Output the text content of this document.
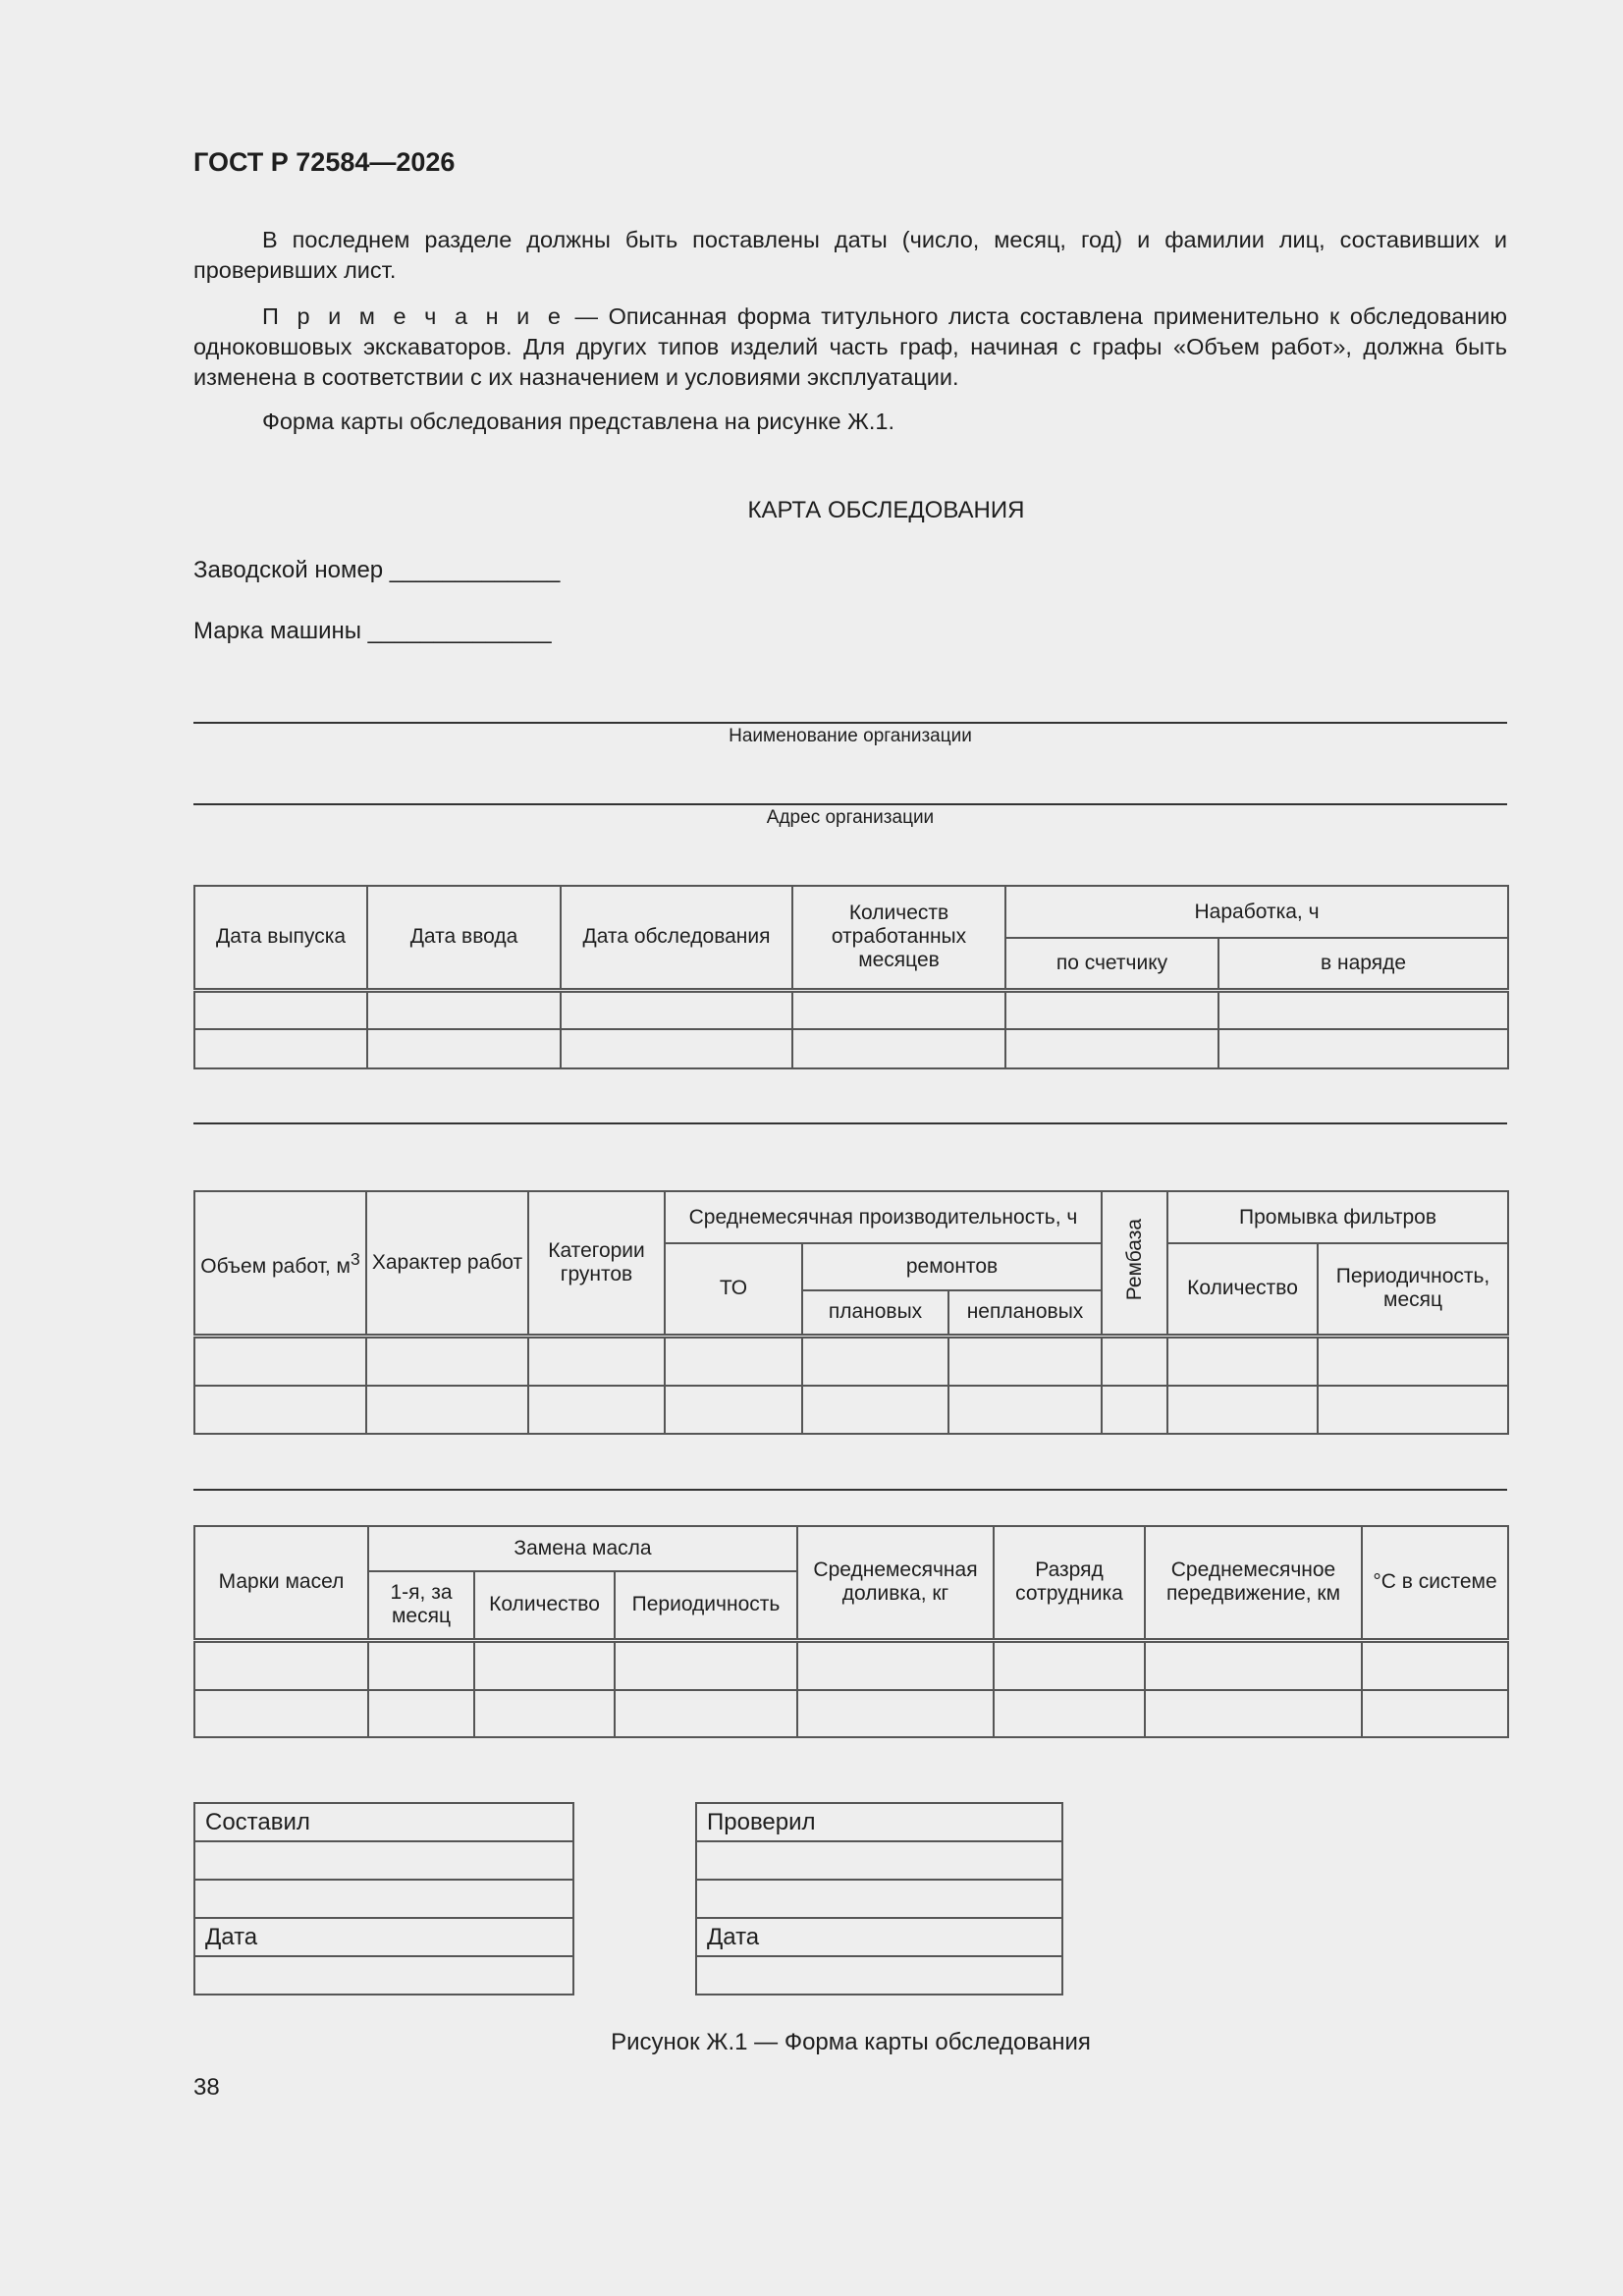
ГОСТ Р 72584—2026
В последнем разделе должны быть поставлены даты (число, месяц, год) и фамилии лиц, составивших и проверивших лист.
П р и м е ч а н и е — Описанная форма титульного листа составлена применительно к обследованию одноковшовых экскаваторов. Для других типов изделий часть граф, начиная с графы «Объем работ», должна быть изменена в соответствии с их назначением и условиями эксплуатации.
Форма карты обследования представлена на рисунке Ж.1.
КАРТА ОБСЛЕДОВАНИЯ
Заводской номер _____________
Марка машины ______________
Наименование организации
Адрес организации
Дата выпуска	Дата ввода	Дата обследования	Количеств отработанных месяцев	Наработка, ч	
				по счетчику	в наряде

Объем работ, $м^3$	Характер работ	Категории грунтов	Среднемесячная производительность, ч			Рембаза	Промывка фильтров	
			ТО	ремонтов			Количество	Периодичность, месяц
				плановых	неплановых			

Марки масел	Замена масла			Среднемесячная доливка, кг	Разряд сотрудника	Среднемесячное передвижение, км	°С в системе
	1-я, за месяц	Количество	Периодичность				

Составил

Дата

Проверил

Дата

Рисунок Ж.1 — Форма карты обследования
38
